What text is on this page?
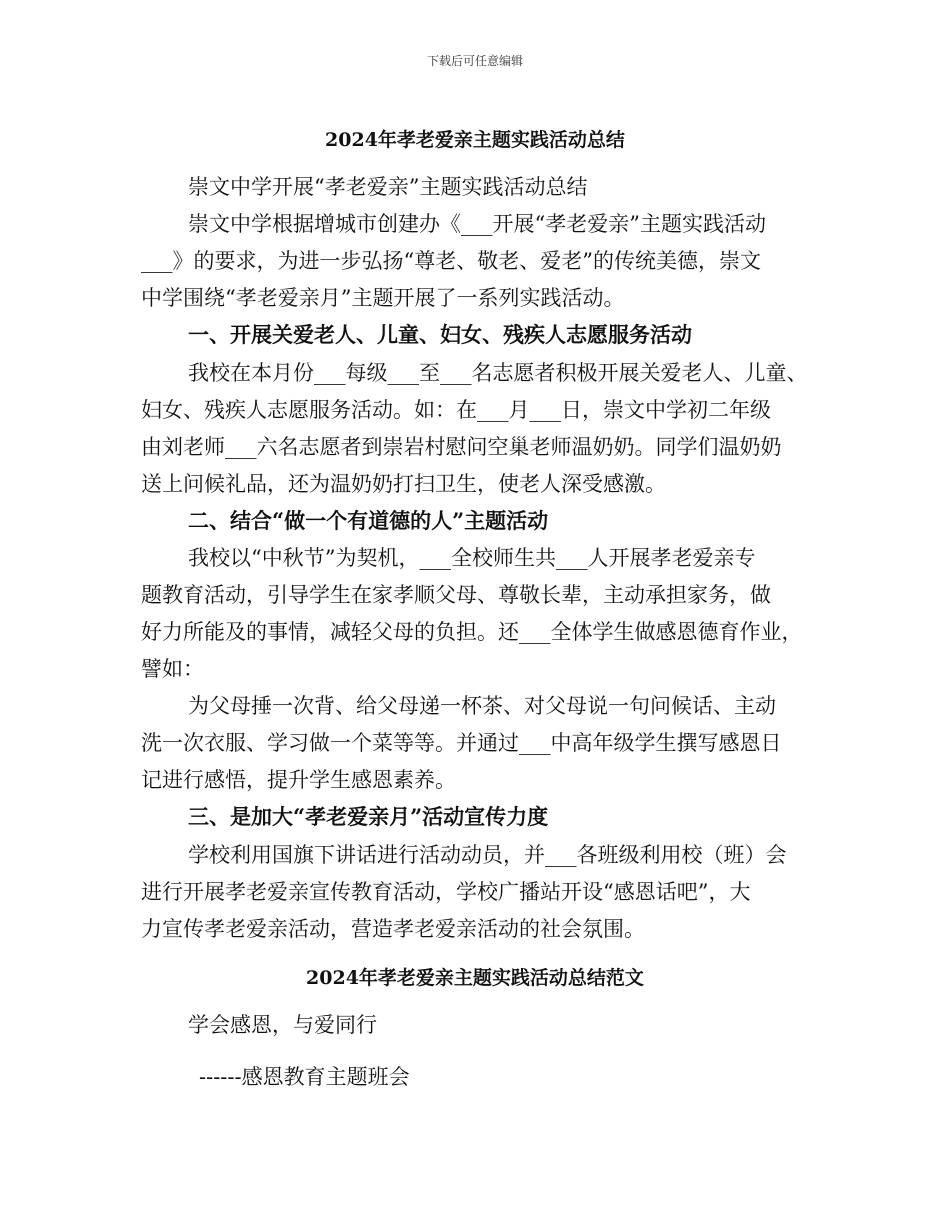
下载后可任意编辑
2024年孝老爱亲主题实践活动总结
崇文中学开展“孝老爱亲”主题实践活动总结
崇文中学根据增城市创建办《___开展“孝老爱亲”主题实践活动
___》的要求，为进一步弘扬“尊老、敬老、爱老”的传统美德，崇文
中学围绕“孝老爱亲月”主题开展了一系列实践活动。
一、开展关爱老人、儿童、妇女、残疾人志愿服务活动
我校在本月份___每级___至___名志愿者积极开展关爱老人、儿童、
妇女、残疾人志愿服务活动。如：在___月___日，崇文中学初二年级
由刘老师___六名志愿者到崇岩村慰问空巢老师温奶奶。同学们温奶奶
送上问候礼品，还为温奶奶打扫卫生，使老人深受感激。
二、结合“做一个有道德的人”主题活动
我校以“中秋节”为契机，___全校师生共___人开展孝老爱亲专
题教育活动，引导学生在家孝顺父母、尊敬长辈，主动承担家务，做
好力所能及的事情，减轻父母的负担。还___全体学生做感恩德育作业，
譬如：
为父母捶一次背、给父母递一杯茶、对父母说一句问候话、主动
洗一次衣服、学习做一个菜等等。并通过___中高年级学生撰写感恩日
记进行感悟，提升学生感恩素养。
三、是加大“孝老爱亲月”活动宣传力度
学校利用国旗下讲话进行活动动员，并___各班级利用校（班）会
进行开展孝老爱亲宣传教育活动，学校广播站开设“感恩话吧”，大
力宣传孝老爱亲活动，营造孝老爱亲活动的社会氛围。
2024年孝老爱亲主题实践活动总结范文
学会感恩，与爱同行
------感恩教育主题班会
